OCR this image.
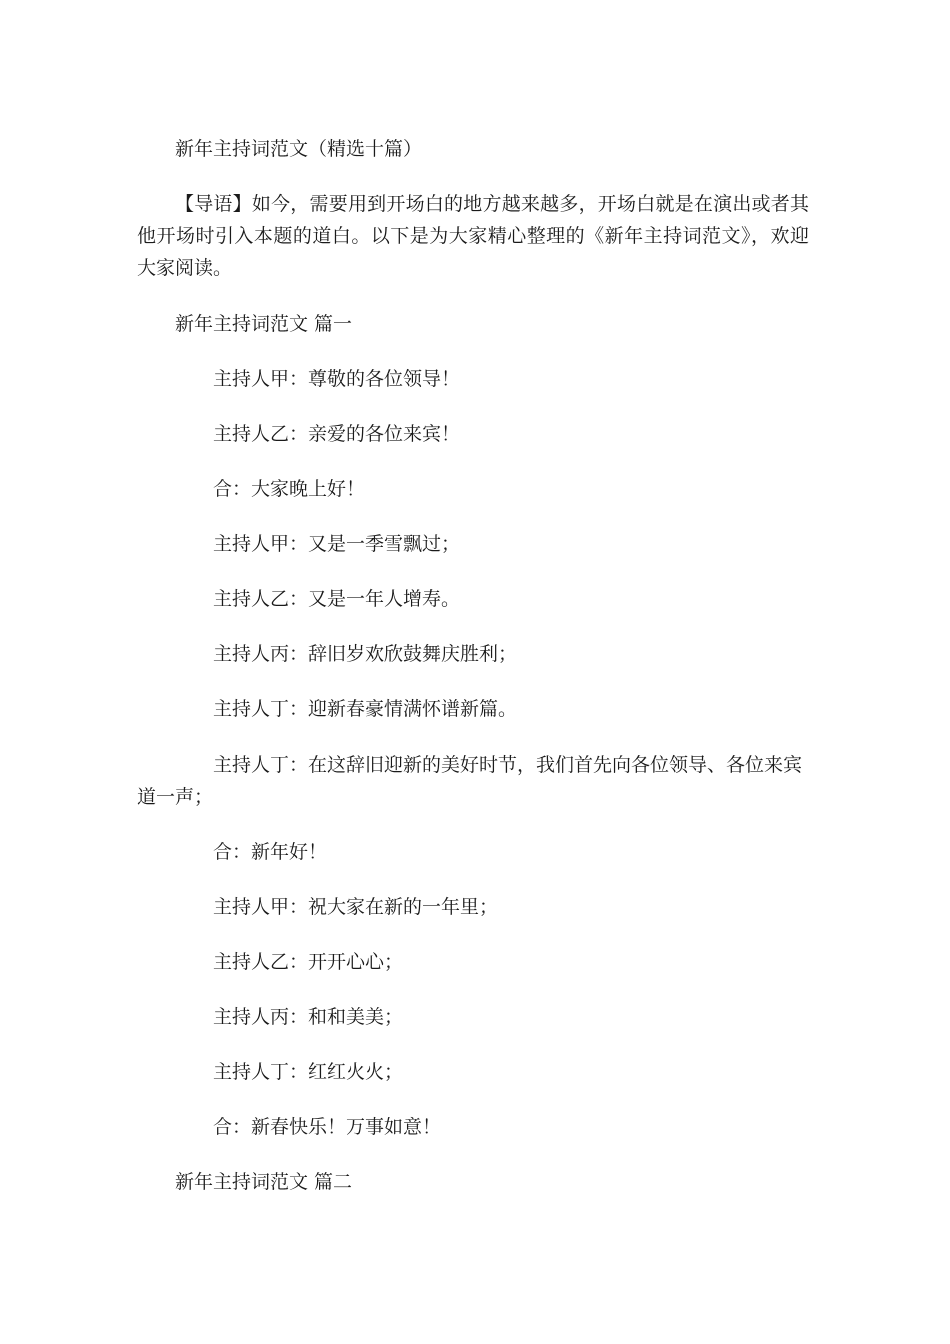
新年主持词范文（精选十篇）
【导语】如今，需要用到开场白的地方越来越多，开场白就是在演出或者其他开场时引入本题的道白。以下是为大家精心整理的《新年主持词范文》，欢迎大家阅读。
新年主持词范文 篇一
主持人甲：尊敬的各位领导！
主持人乙：亲爱的各位来宾！
合：大家晚上好！
主持人甲：又是一季雪飘过；
主持人乙：又是一年人增寿。
主持人丙：辞旧岁欢欣鼓舞庆胜利；
主持人丁：迎新春豪情满怀谱新篇。
主持人丁：在这辞旧迎新的美好时节，我们首先向各位领导、各位来宾道一声；
合：新年好！
主持人甲：祝大家在新的一年里；
主持人乙：开开心心；
主持人丙：和和美美；
主持人丁：红红火火；
合：新春快乐！万事如意！
新年主持词范文 篇二
